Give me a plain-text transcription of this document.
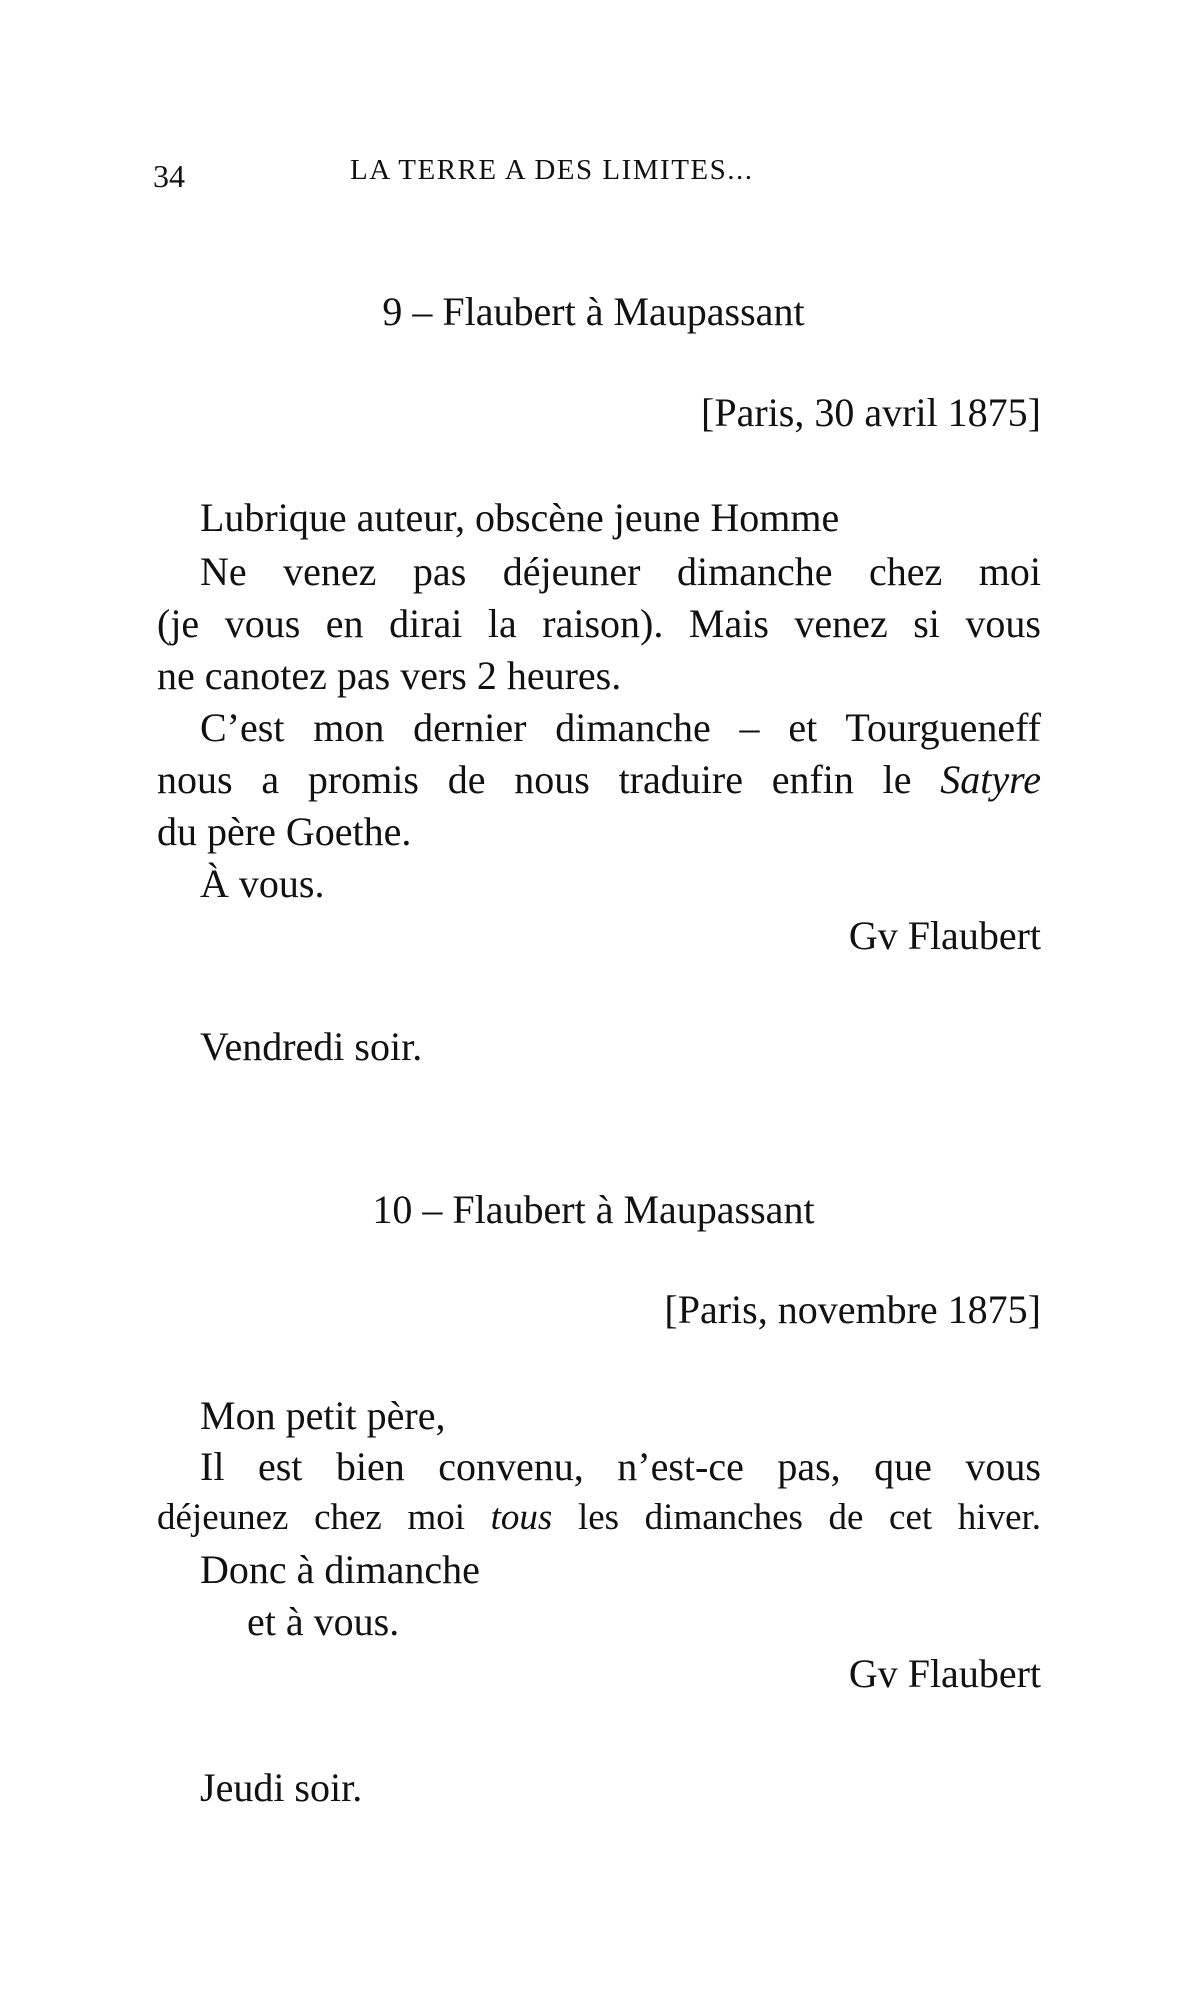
34	LA TERRE A DES LIMITES...
9 – Flaubert à Maupassant
[Paris, 30 avril 1875]
Lubrique auteur, obscène jeune Homme
Ne venez pas déjeuner dimanche chez moi
(je vous en dirai la raison). Mais venez si vous
ne canotez pas vers 2 heures.
C’est mon dernier dimanche – et Tourgueneff
nous a promis de nous traduire enfin le Satyre
du père Goethe.
À vous.
Gv Flaubert
Vendredi soir.
10 – Flaubert à Maupassant
[Paris, novembre 1875]
Mon petit père,
Il est bien convenu, n’est-ce pas, que vous
déjeunez chez moi tous les dimanches de cet hiver.
Donc à dimanche
et à vous.
Gv Flaubert
Jeudi soir.
